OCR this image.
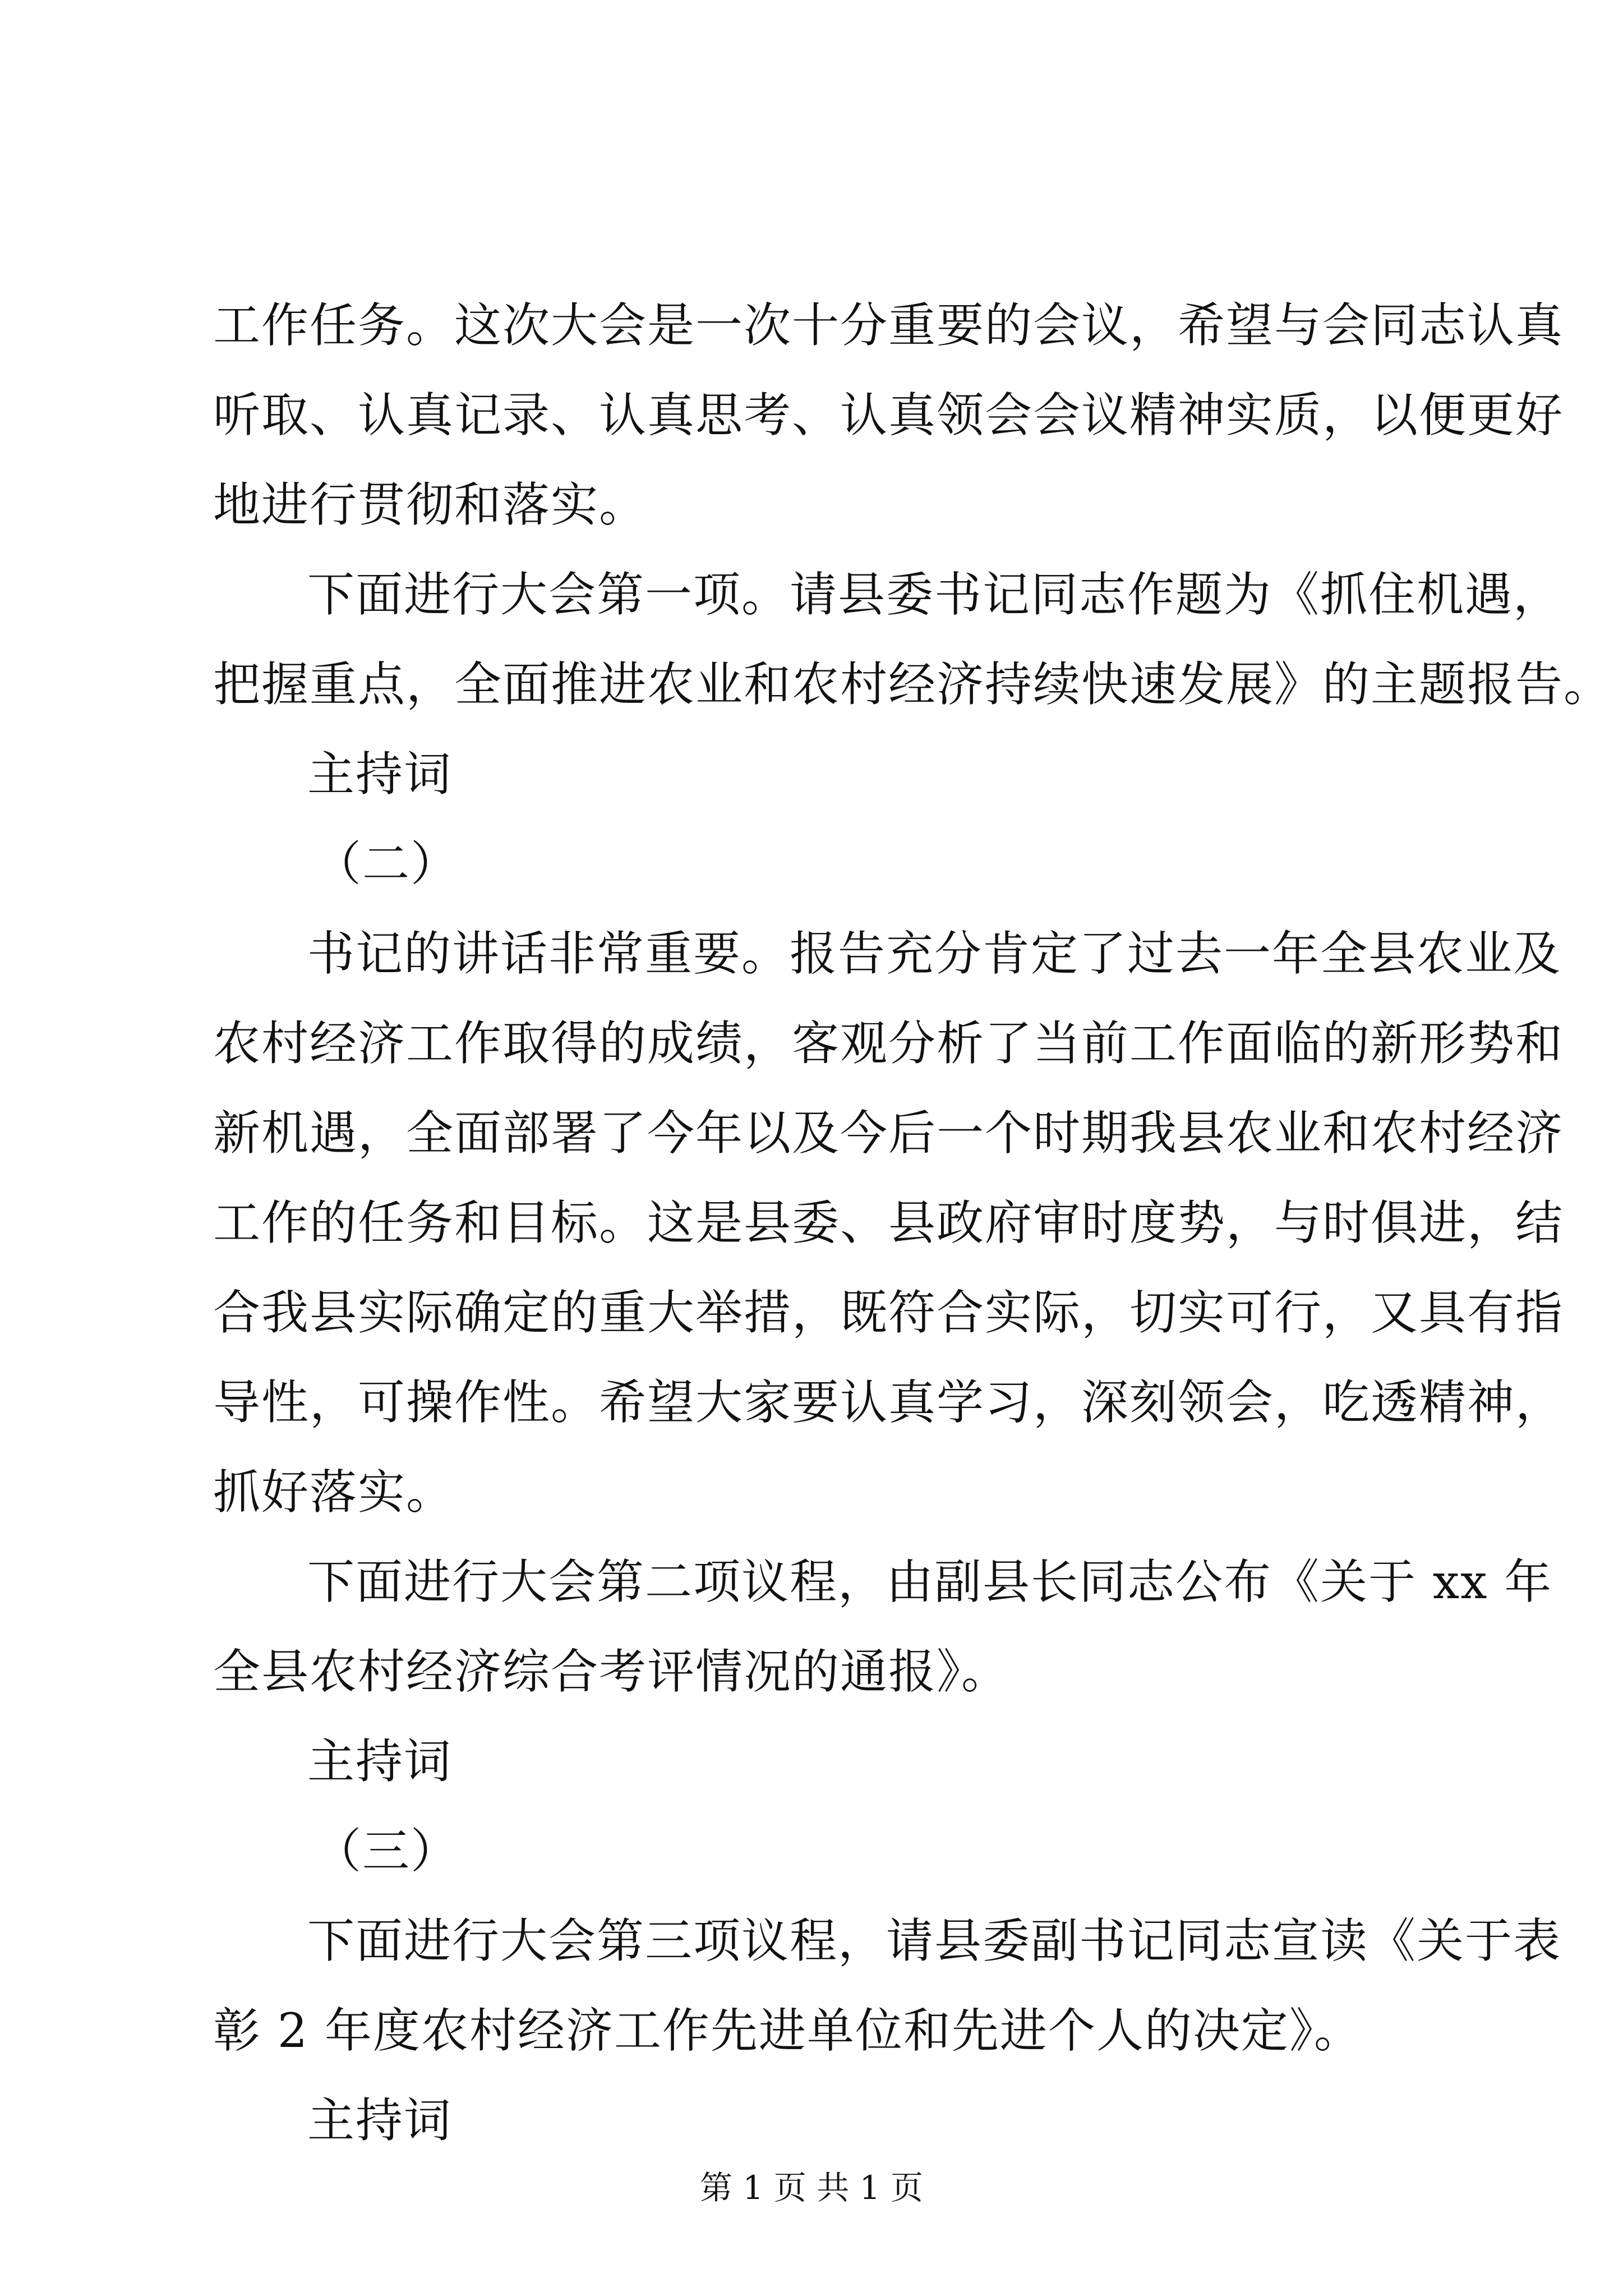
工作任务。这次大会是一次十分重要的会议，希望与会同志认真
听取、认真记录、认真思考、认真领会会议精神实质，以便更好
地进行贯彻和落实。
下面进行大会第一项。请县委书记同志作题为《抓住机遇，
把握重点，全面推进农业和农村经济持续快速发展》的主题报告。
主持词
（二）
书记的讲话非常重要。报告充分肯定了过去一年全县农业及
农村经济工作取得的成绩，客观分析了当前工作面临的新形势和
新机遇，全面部署了今年以及今后一个时期我县农业和农村经济
工作的任务和目标。这是县委、县政府审时度势，与时俱进，结
合我县实际确定的重大举措，既符合实际，切实可行，又具有指
导性，可操作性。希望大家要认真学习，深刻领会，吃透精神，
抓好落实。
下面进行大会第二项议程，由副县长同志公布《关于 xx 年
全县农村经济综合考评情况的通报》。
主持词
（三）
下面进行大会第三项议程，请县委副书记同志宣读《关于表
彰 2 年度农村经济工作先进单位和先进个人的决定》。
主持词
第 1 页 共 1 页
